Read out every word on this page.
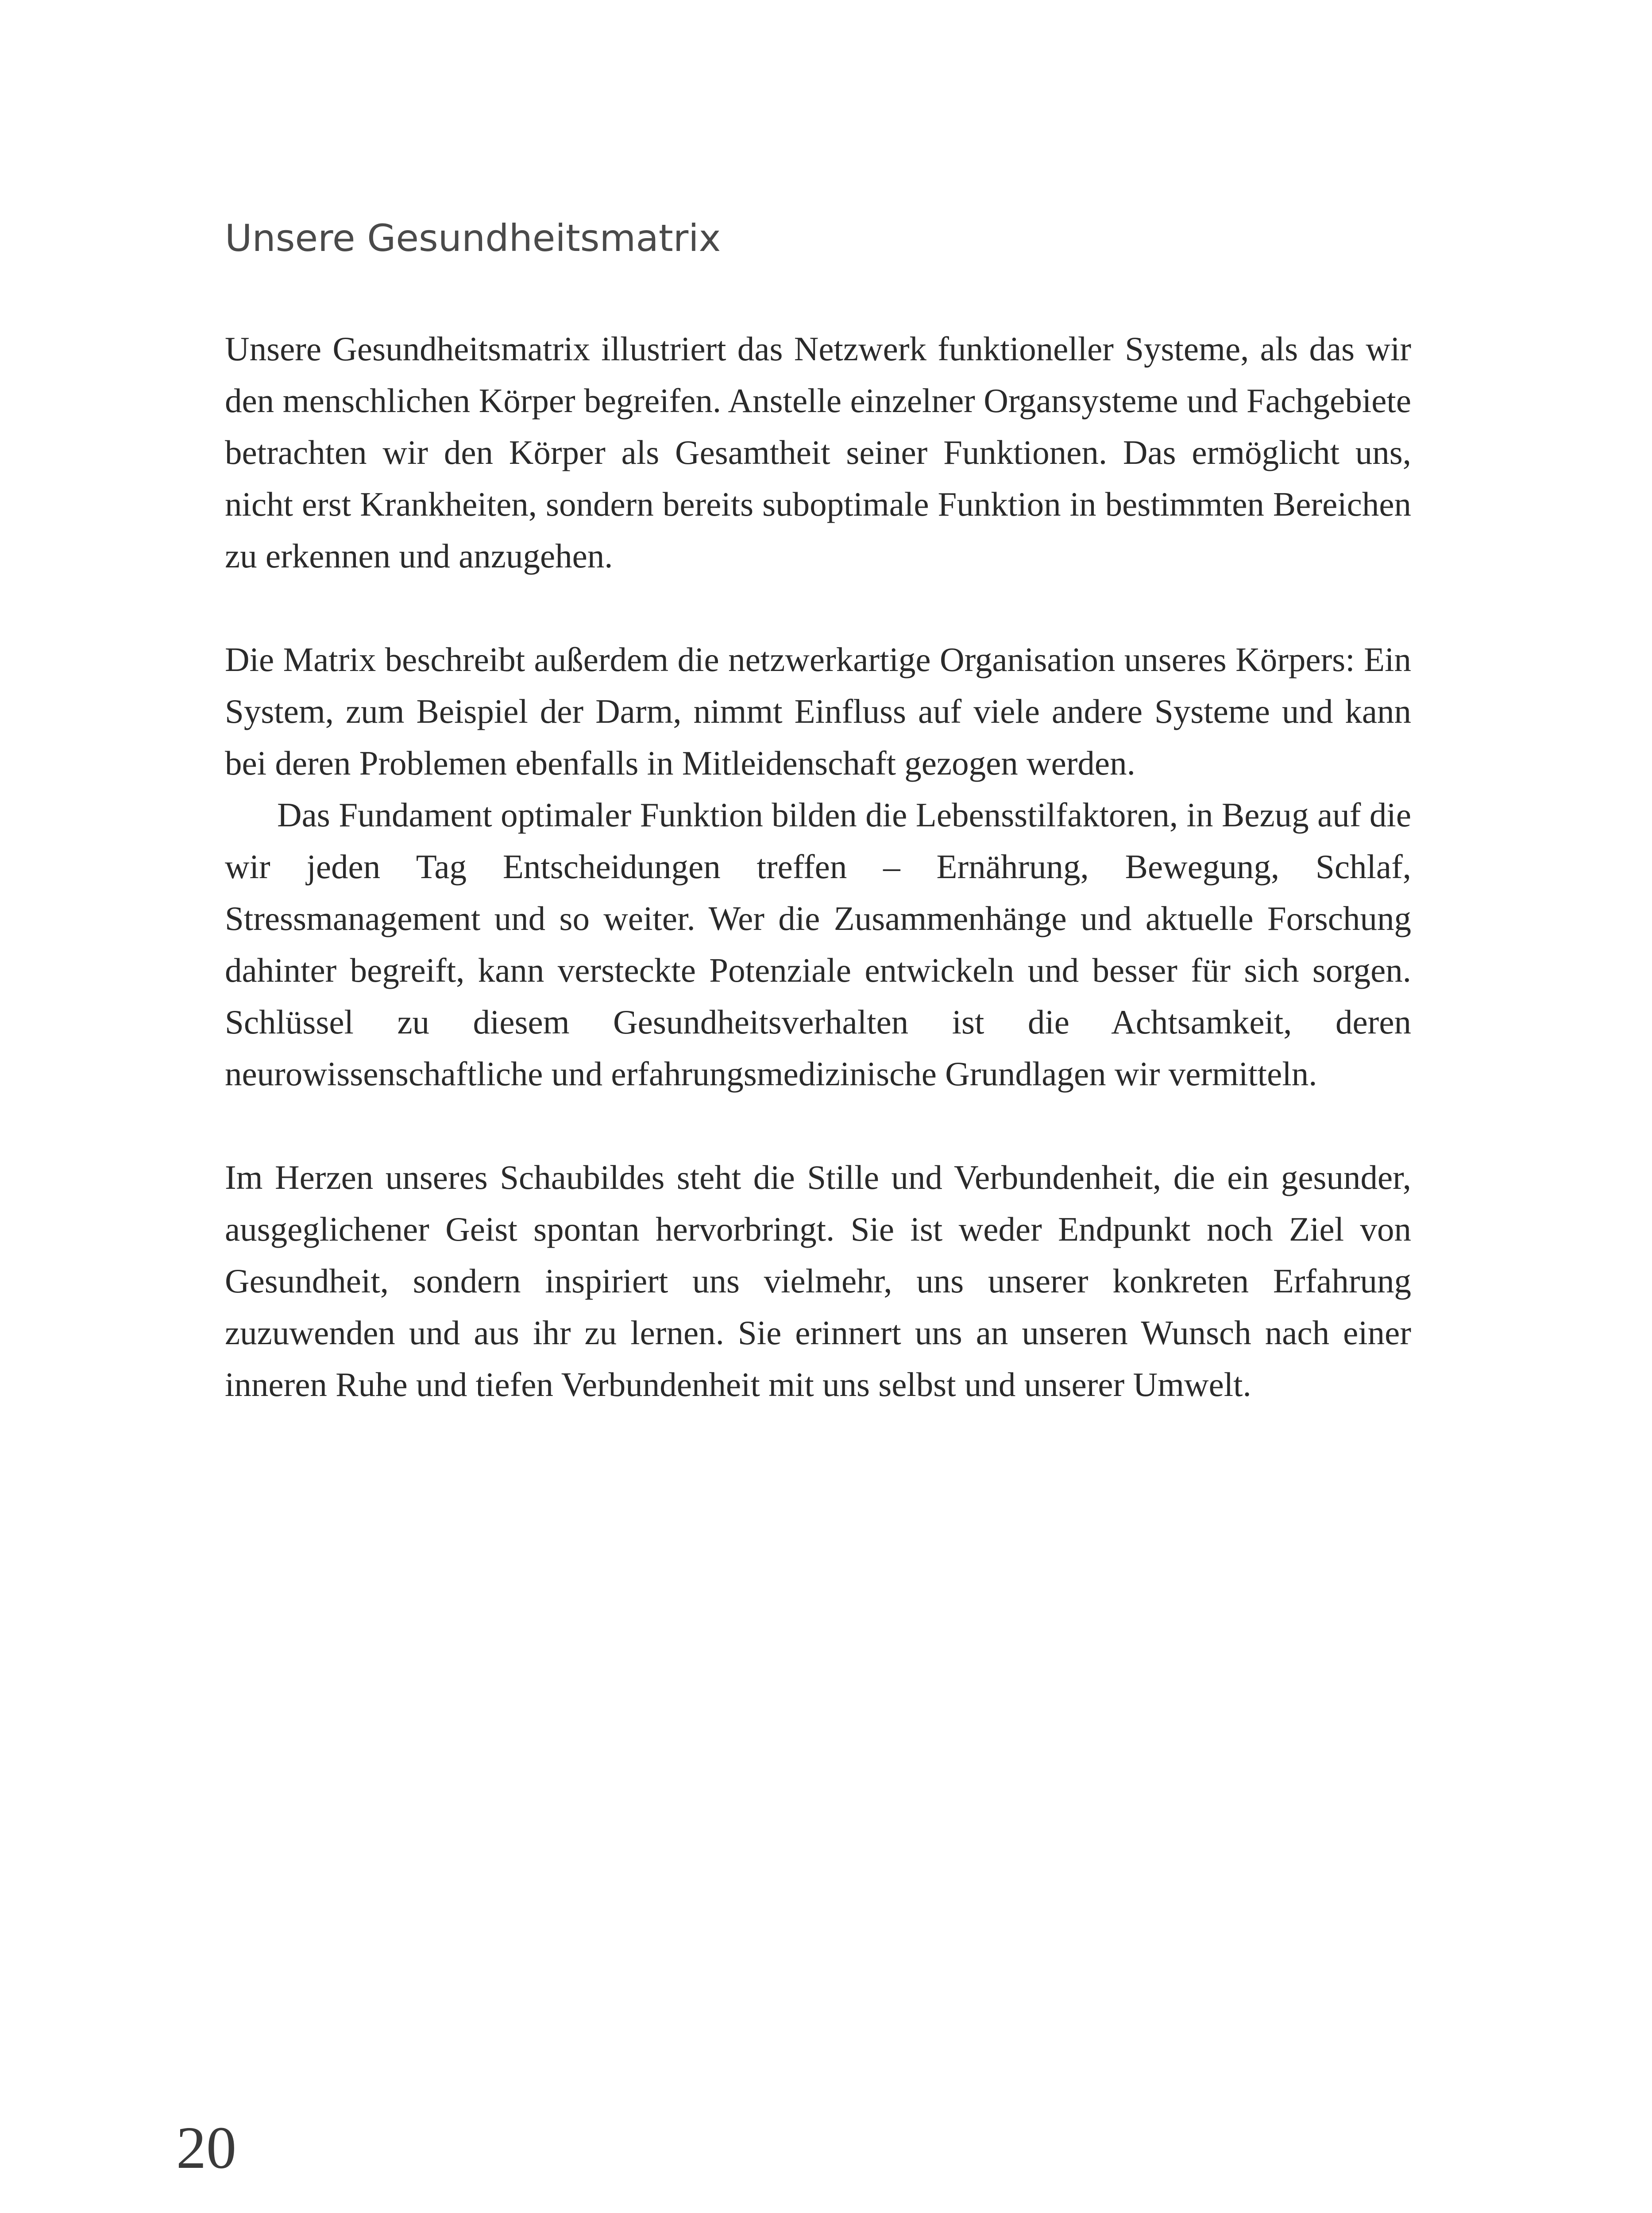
Unsere Gesundheitsmatrix

Unsere Gesundheitsmatrix illustriert das Netzwerk funktioneller Systeme, als das wir den menschlichen Körper begreifen. Anstelle einzelner Organsysteme und Fachgebiete betrachten wir den Körper als Gesamtheit seiner Funktionen. Das ermöglicht uns, nicht erst Krankheiten, sondern bereits suboptimale Funktion in bestimmten Bereichen zu erkennen und anzugehen.

Die Matrix beschreibt außerdem die netzwerkartige Organisation unseres Körpers: Ein System, zum Beispiel der Darm, nimmt Einfluss auf viele andere Systeme und kann bei deren Problemen ebenfalls in Mitleidenschaft gezogen werden.

Das Fundament optimaler Funktion bilden die Lebensstilfaktoren, in Bezug auf die wir jeden Tag Entscheidungen treffen – Ernährung, Bewegung, Schlaf, Stressmanagement und so weiter. Wer die Zusammenhänge und aktuelle Forschung dahinter begreift, kann versteckte Potenziale entwickeln und besser für sich sorgen. Schlüssel zu diesem Gesundheitsverhalten ist die Achtsamkeit, deren neurowissenschaftliche und erfahrungsmedizinische Grundlagen wir vermitteln.

Im Herzen unseres Schaubildes steht die Stille und Verbundenheit, die ein gesunder, ausgeglichener Geist spontan hervorbringt. Sie ist weder Endpunkt noch Ziel von Gesundheit, sondern inspiriert uns vielmehr, uns unserer konkreten Erfahrung zuzuwenden und aus ihr zu lernen. Sie erinnert uns an unseren Wunsch nach einer inneren Ruhe und tiefen Verbundenheit mit uns selbst und unserer Umwelt.

20
